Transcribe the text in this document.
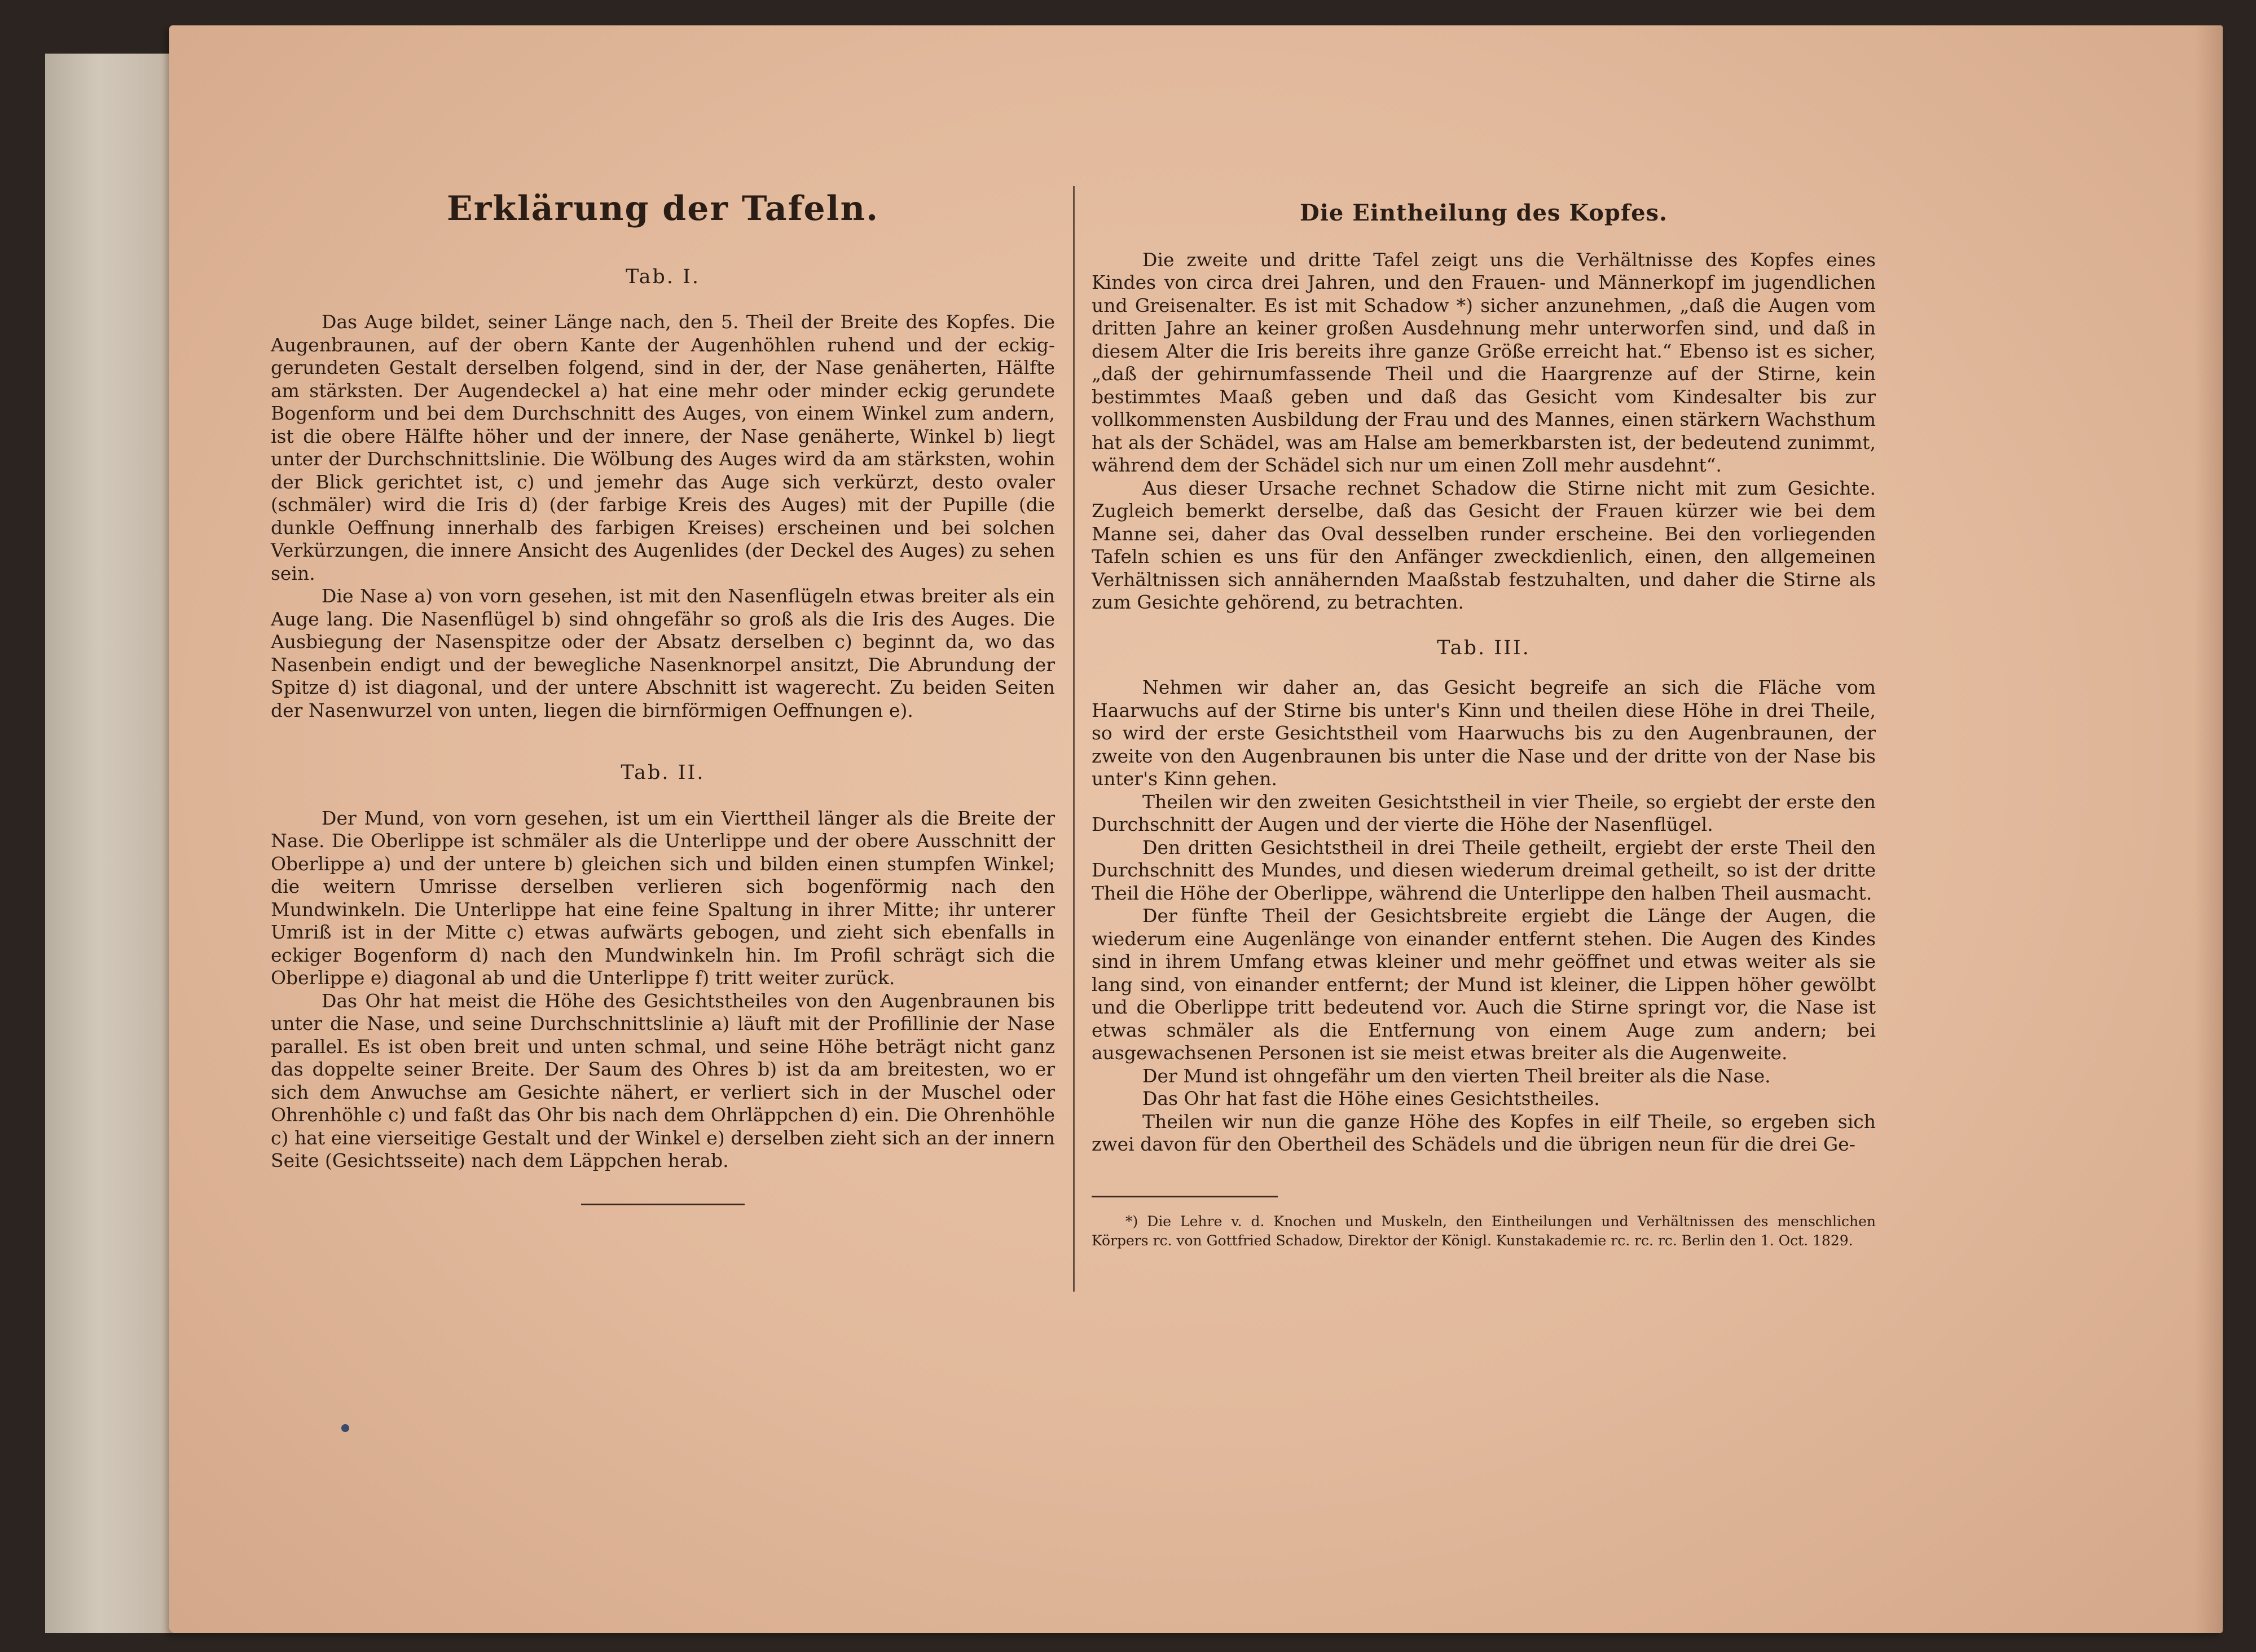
Erklärung der Tafeln.
Tab. I.

Das Auge bildet, seiner Länge nach, den 5. Theil der Breite des Kopfes. Die Augenbraunen, auf der obern Kante der Augenhöhlen ruhend und der eckig-gerundeten Gestalt derselben folgend, sind in der, der Nase genäherten, Hälfte am stärksten. Der Augendeckel a) hat eine mehr oder minder eckig gerundete Bogenform und bei dem Durchschnitt des Auges, von einem Winkel zum andern, ist die obere Hälfte höher und der innere, der Nase genäherte, Winkel b) liegt unter der Durchschnittslinie. Die Wölbung des Auges wird da am stärksten, wohin der Blick gerichtet ist, c) und jemehr das Auge sich verkürzt, desto ovaler (schmäler) wird die Iris d) (der farbige Kreis des Auges) mit der Pupille (die dunkle Oeffnung innerhalb des farbigen Kreises) erscheinen und bei solchen Verkürzungen, die innere Ansicht des Augenlides (der Deckel des Auges) zu sehen sein.

Die Nase a) von vorn gesehen, ist mit den Nasenflügeln etwas breiter als ein Auge lang. Die Nasenflügel b) sind ohngefähr so groß als die Iris des Auges. Die Ausbiegung der Nasenspitze oder der Absatz derselben c) beginnt da, wo das Nasenbein endigt und der bewegliche Nasenknorpel ansitzt, Die Abrundung der Spitze d) ist diagonal, und der untere Abschnitt ist wagerecht. Zu beiden Seiten der Nasenwurzel von unten, liegen die birnförmigen Oeffnungen e).

Tab. II.

Der Mund, von vorn gesehen, ist um ein Vierttheil länger als die Breite der Nase. Die Oberlippe ist schmäler als die Unterlippe und der obere Ausschnitt der Oberlippe a) und der untere b) gleichen sich und bilden einen stumpfen Winkel; die weitern Umrisse derselben verlieren sich bogenförmig nach den Mundwinkeln. Die Unterlippe hat eine feine Spaltung in ihrer Mitte; ihr unterer Umriß ist in der Mitte c) etwas aufwärts gebogen, und zieht sich ebenfalls in eckiger Bogenform d) nach den Mundwinkeln hin. Im Profil schrägt sich die Oberlippe e) diagonal ab und die Unterlippe f) tritt weiter zurück.

Das Ohr hat meist die Höhe des Gesichtstheiles von den Augenbraunen bis unter die Nase, und seine Durchschnittslinie a) läuft mit der Profillinie der Nase parallel. Es ist oben breit und unten schmal, und seine Höhe beträgt nicht ganz das doppelte seiner Breite. Der Saum des Ohres b) ist da am breitesten, wo er sich dem Anwuchse am Gesichte nähert, er verliert sich in der Muschel oder Ohrenhöhle c) und faßt das Ohr bis nach dem Ohrläppchen d) ein. Die Ohrenhöhle c) hat eine vierseitige Gestalt und der Winkel e) derselben zieht sich an der innern Seite (Gesichtsseite) nach dem Läppchen herab.

Die Eintheilung des Kopfes.

Die zweite und dritte Tafel zeigt uns die Verhältnisse des Kopfes eines Kindes von circa drei Jahren, und den Frauen- und Männerkopf im jugendlichen und Greisenalter. Es ist mit Schadow *) sicher anzunehmen, „daß die Augen vom dritten Jahre an keiner großen Ausdehnung mehr unterworfen sind, und daß in diesem Alter die Iris bereits ihre ganze Größe erreicht hat.“ Ebenso ist es sicher, „daß der gehirnumfassende Theil und die Haargrenze auf der Stirne, kein bestimmtes Maaß geben und daß das Gesicht vom Kindesalter bis zur vollkommensten Ausbildung der Frau und des Mannes, einen stärkern Wachsthum hat als der Schädel, was am Halse am bemerkbarsten ist, der bedeutend zunimmt, während dem der Schädel sich nur um einen Zoll mehr ausdehnt“.

Aus dieser Ursache rechnet Schadow die Stirne nicht mit zum Gesichte. Zugleich bemerkt derselbe, daß das Gesicht der Frauen kürzer wie bei dem Manne sei, daher das Oval desselben runder erscheine. Bei den vorliegenden Tafeln schien es uns für den Anfänger zweckdienlich, einen, den allgemeinen Verhältnissen sich annähernden Maaßstab festzuhalten, und daher die Stirne als zum Gesichte gehörend, zu betrachten.

Tab. III.

Nehmen wir daher an, das Gesicht begreife an sich die Fläche vom Haarwuchs auf der Stirne bis unter's Kinn und theilen diese Höhe in drei Theile, so wird der erste Gesichtstheil vom Haarwuchs bis zu den Augenbraunen, der zweite von den Augenbraunen bis unter die Nase und der dritte von der Nase bis unter's Kinn gehen.

Theilen wir den zweiten Gesichtstheil in vier Theile, so ergiebt der erste den Durchschnitt der Augen und der vierte die Höhe der Nasenflügel.

Den dritten Gesichtstheil in drei Theile getheilt, ergiebt der erste Theil den Durchschnitt des Mundes, und diesen wiederum dreimal getheilt, so ist der dritte Theil die Höhe der Oberlippe, während die Unterlippe den halben Theil ausmacht.

Der fünfte Theil der Gesichtsbreite ergiebt die Länge der Augen, die wiederum eine Augenlänge von einander entfernt stehen. Die Augen des Kindes sind in ihrem Umfang etwas kleiner und mehr geöffnet und etwas weiter als sie lang sind, von einander entfernt; der Mund ist kleiner, die Lippen höher gewölbt und die Oberlippe tritt bedeutend vor. Auch die Stirne springt vor, die Nase ist etwas schmäler als die Entfernung von einem Auge zum andern; bei ausgewachsenen Personen ist sie meist etwas breiter als die Augenweite.

Der Mund ist ohngefähr um den vierten Theil breiter als die Nase.

Das Ohr hat fast die Höhe eines Gesichtstheiles.

Theilen wir nun die ganze Höhe des Kopfes in eilf Theile, so ergeben sich zwei davon für den Obertheil des Schädels und die übrigen neun für die drei Ge-

*) Die Lehre v. d. Knochen und Muskeln, den Eintheilungen und Verhältnissen des menschlichen Körpers rc. von Gottfried Schadow, Direktor der Königl. Kunstakademie rc. rc. rc. Berlin den 1. Oct. 1829.
